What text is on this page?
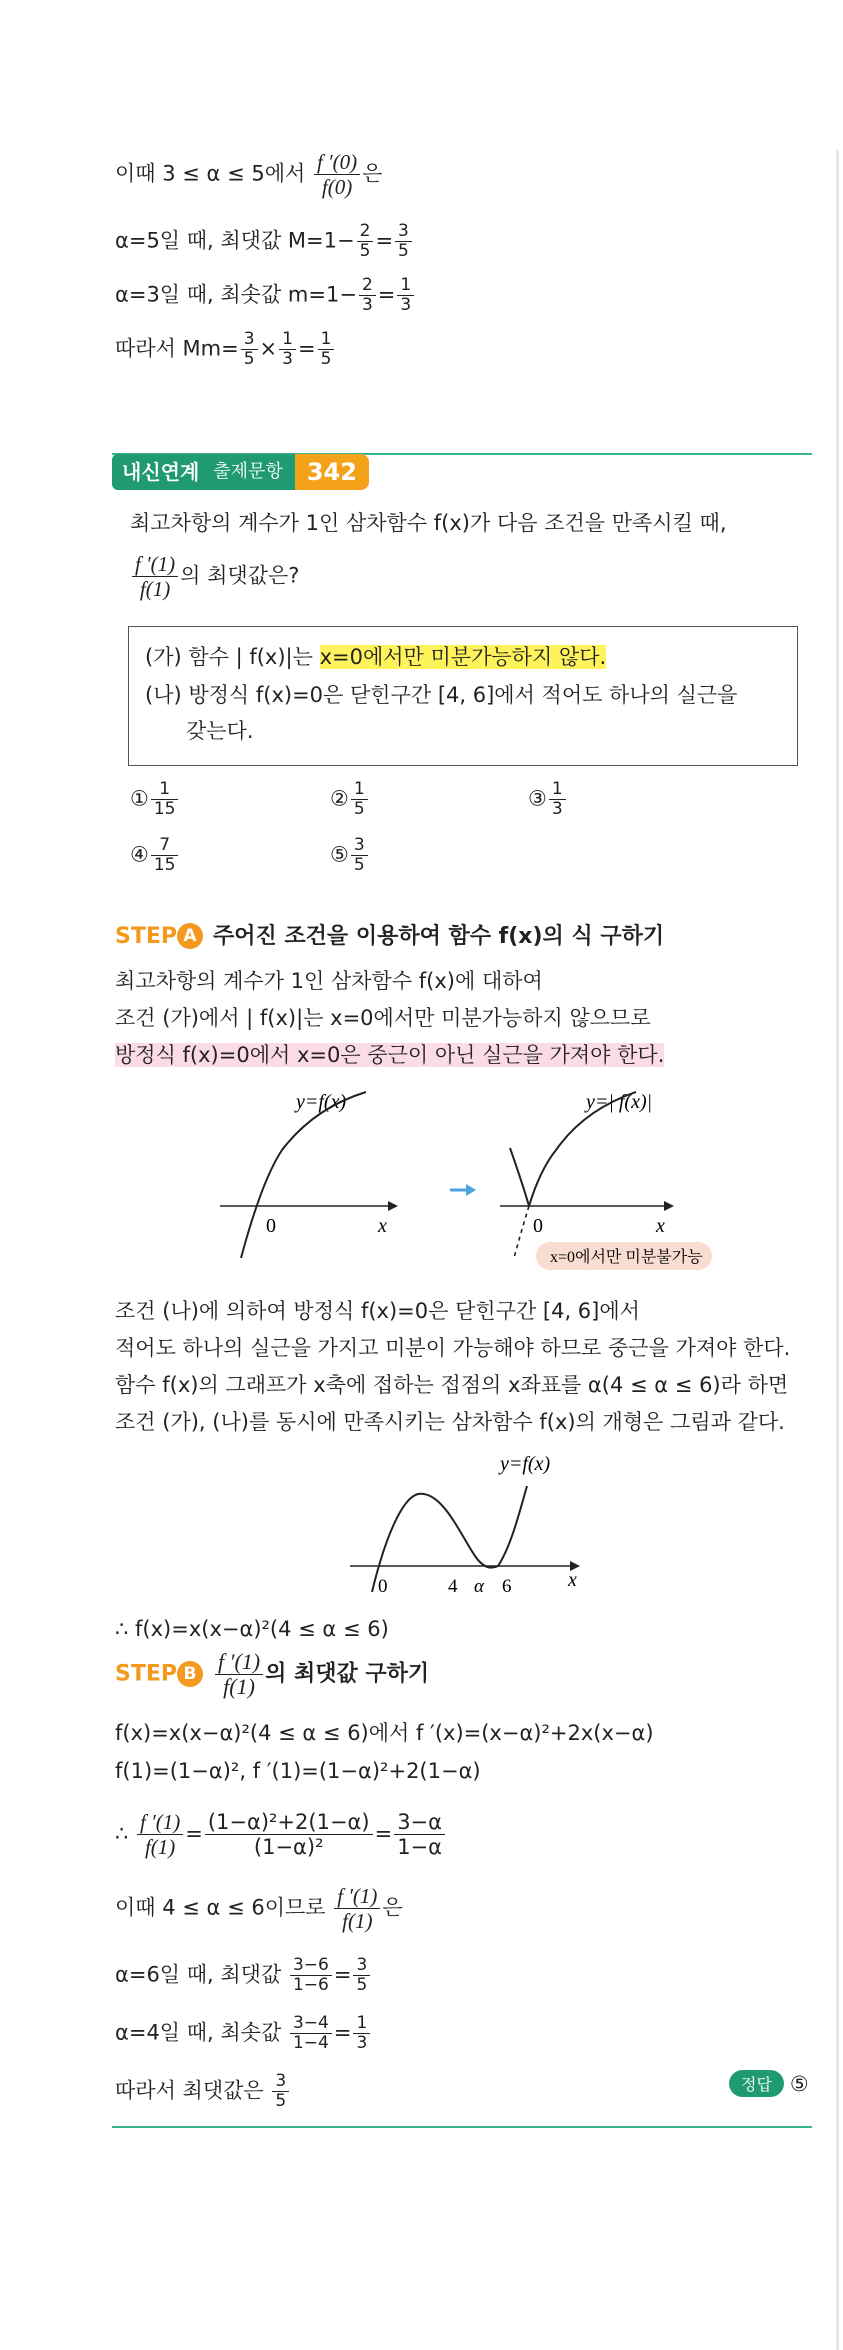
이때 3 ≤ α ≤ 5에서 $\frac{f '(0)}{f(0)}$ 은
α=5일 때, 최댓값 $M=1- \frac{2}{5} = \frac{3}{5}$
α=3일 때, 최솟값 $m=1- \frac{2}{3} = \frac{1}{3}$
따라서 $Mm= \frac{3}{5} \times \frac{1}{3} = \frac{1}{5}$
내신연계 출제문항	342
최고차항의 계수가 1인 삼차함수 f(x)가 다음 조건을 만족시킬 때,
$\frac{f '(1)}{f(1)}$ 의 최댓값은?
(가) 함수 | f(x)|는 x=0에서만 미분가능하지 않다.
(나) 방정식 f(x)=0은 닫힌구간 [4, 6]에서 적어도 하나의 실근을
갖는다.
① $\frac{1}{15}$	② $\frac{1}{5}$	③ $\frac{1}{3}$
④ $\frac{7}{15}$	⑤ $\frac{3}{5}$
STEP A 주어진 조건을 이용하여 함수 f(x)의 식 구하기
최고차항의 계수가 1인 삼차함수 f(x)에 대하여
조건 (가)에서 | f(x)|는 x=0에서만 미분가능하지 않으므로
방정식 f(x)=0에서 x=0은 중근이 아닌 실근을 가져야 한다.
y=f(x)
x
0
y=| f(x)|
x
0
x=0에서만 미분불가능
조건 (나)에 의하여 방정식 f(x)=0은 닫힌구간 [4, 6]에서
적어도 하나의 실근을 가지고 미분이 가능해야 하므로 중근을 가져야 한다.
함수 f(x)의 그래프가 x축에 접하는 접점의 x좌표를 α(4 ≤ α ≤ 6)라 하면
조건 (가), (나)를 동시에 만족시키는 삼차함수 f(x)의 개형은 그림과 같다.
y=f(x)
x
0	4 α 6
∴ f(x)=x(x−α)²(4 ≤ α ≤ 6)
STEP B $\frac{f '(1)}{f(1)}$ 의 최댓값 구하기
f(x)=x(x−α)²(4 ≤ α ≤ 6)에서 f ′(x)=(x−α)²+2x(x−α)
f(1)=(1−α)², f ′(1)=(1−α)²+2(1−α)
∴ $\frac{f '(1)}{f(1)} = \frac{\text{(1−α)²+2(1−α)}}{\text{(1−α)²}} = \frac{3-\alpha}{1-\alpha}$
이때 4 ≤ α ≤ 6이므로 $\frac{f '(1)}{f(1)}$ 은
α=6일 때, 최댓값 $\frac{3-6}{1-6} = \frac{3}{5}$
α=4일 때, 최솟값 $\frac{3-4}{1-4} = \frac{1}{3}$
따라서 최댓값은 $\frac{3}{5}$	정답 ⑤
